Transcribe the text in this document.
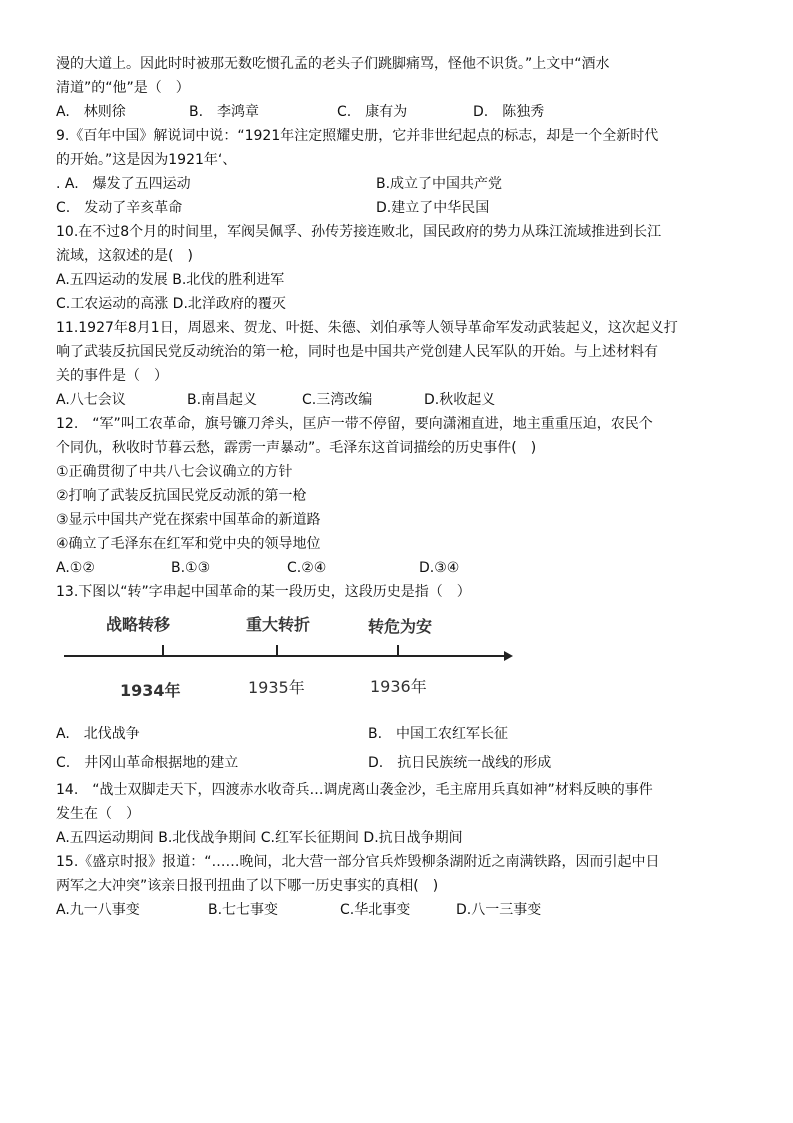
漫的大道上。因此时时被那无数吃惯孔孟的老头子们跳脚痛骂，怪他不识货。”上文中“酒水
清道”的“他”是（　）
A.　林则徐	B.　李鸿章	C.　康有为	D.　陈独秀
9.《百年中国》解说词中说：“1921年注定照耀史册，它并非世纪起点的标志，却是一个全新时代
的开始。”这是因为1921年‘、
. A.　爆发了五四运动	B.成立了中国共产党
C.　发动了辛亥革命	D.建立了中华民国
10.在不过8个月的时间里，军阀吴佩孚、孙传芳接连败北，国民政府的势力从珠江流域推进到长江
流域，这叙述的是(　)
A.五四运动的发展 B.北伐的胜利进军
C.工农运动的高涨 D.北洋政府的覆灭
11.1927年8月1日，周恩来、贺龙、叶挺、朱德、刘伯承等人领导革命军发动武装起义，这次起义打
响了武装反抗国民党反动统治的第一枪，同时也是中国共产党创建人民军队的开始。与上述材料有
关的事件是（　）
A.八七会议	B.南昌起义	C.三湾改编	D.秋收起义
12.　“军”叫工农革命，旗号镰刀斧头，匡庐一带不停留，要向潇湘直进，地主重重压迫，农民个
个同仇，秋收时节暮云愁，霹雳一声暴动”。毛泽东这首词描绘的历史事件(　)
①正确贯彻了中共八七会议确立的方针
②打响了武装反抗国民党反动派的第一枪
③显示中国共产党在探索中国革命的新道路
④确立了毛泽东在红军和党中央的领导地位
A.①②	B.①③	C.②④	D.③④
13.下图以“转”字串起中国革命的某一段历史，这段历史是指（　）
战略转移	重大转折	转危为安
1934年	1935年	1936年
A.　北伐战争	B.　中国工农红军长征
C.　井冈山革命根据地的建立	D.　抗日民族统一战线的形成
14.　“战士双脚走天下，四渡赤水收奇兵…调虎离山袭金沙，毛主席用兵真如神”材料反映的事件
发生在（　）
A.五四运动期间 B.北伐战争期间 C.红军长征期间 D.抗日战争期间
15.《盛京时报》报道：“……晚间，北大营一部分官兵炸毁柳条湖附近之南满铁路，因而引起中日
两军之大冲突”该亲日报刊扭曲了以下哪一历史事实的真相(　)
A.九一八事变	B.七七事变	C.华北事变	D.八一三事变
